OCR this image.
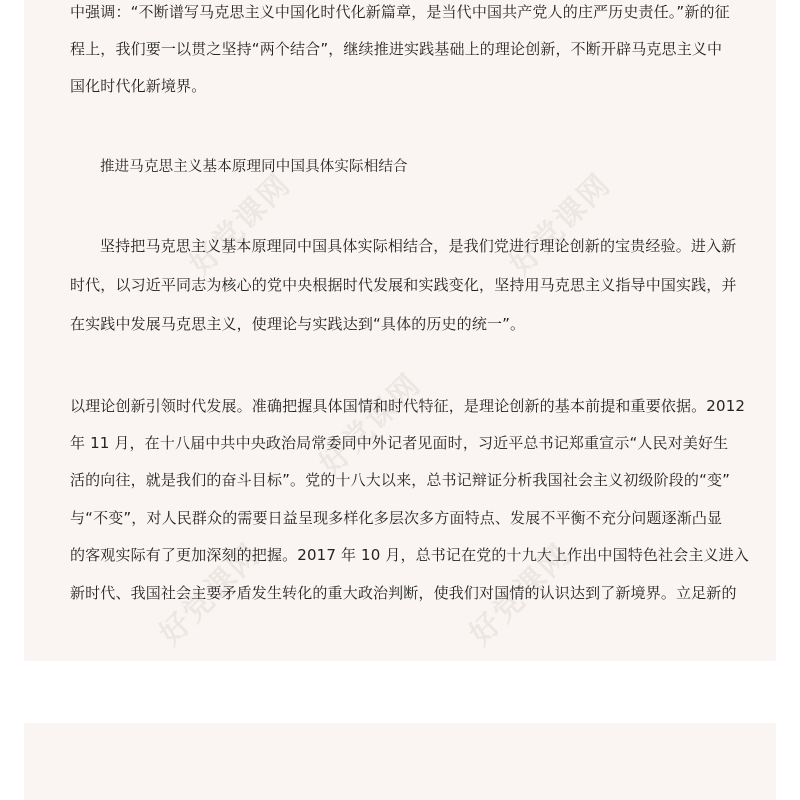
好党课网	好党课网
好党课网
好党课网	好党课网
中强调：“不断谱写马克思主义中国化时代化新篇章，是当代中国共产党人的庄严历史责任。”新的征
程上，我们要一以贯之坚持“两个结合”，继续推进实践基础上的理论创新，不断开辟马克思主义中
国化时代化新境界。
推进马克思主义基本原理同中国具体实际相结合
坚持把马克思主义基本原理同中国具体实际相结合，是我们党进行理论创新的宝贵经验。进入新
时代，以习近平同志为核心的党中央根据时代发展和实践变化，坚持用马克思主义指导中国实践，并
在实践中发展马克思主义，使理论与实践达到“具体的历史的统一”。
以理论创新引领时代发展。准确把握具体国情和时代特征，是理论创新的基本前提和重要依据。2012
年 11 月，在十八届中共中央政治局常委同中外记者见面时，习近平总书记郑重宣示“人民对美好生
活的向往，就是我们的奋斗目标”。党的十八大以来，总书记辩证分析我国社会主义初级阶段的“变”
与“不变”，对人民群众的需要日益呈现多样化多层次多方面特点、发展不平衡不充分问题逐渐凸显
的客观实际有了更加深刻的把握。2017 年 10 月，总书记在党的十九大上作出中国特色社会主义进入
新时代、我国社会主要矛盾发生转化的重大政治判断，使我们对国情的认识达到了新境界。立足新的
